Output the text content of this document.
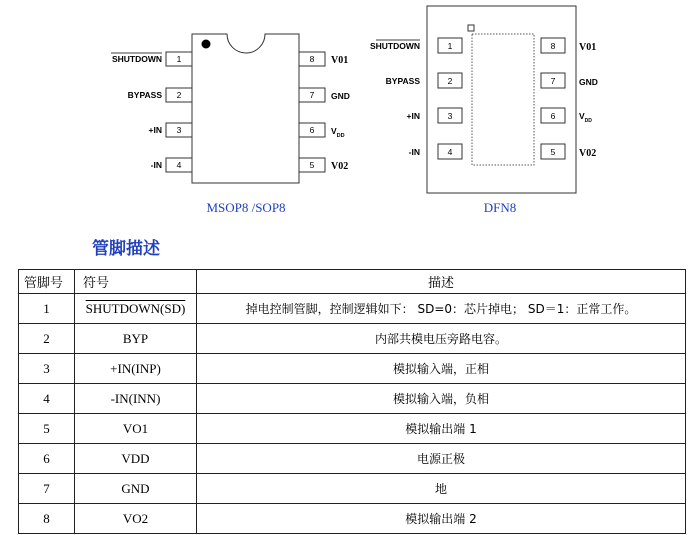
1
2
3
4
8
7
6
5
SHUTDOWN
BYPASS
+IN
-IN
V01
GND
$V_{DD}$
V02
MSOP8 /SOP8
1
2
3
4
8
7
6
5
SHUTDOWN
BYPASS
+IN
-IN
V01
GND
$V_{DD}$
V02
DFN8
管脚描述
管脚号	符号	描述
1	SHUTDOWN(SD)	掉电控制管脚，控制逻辑如下： SD=0：芯片掉电； SD＝1：正常工作。
2	BYP	内部共模电压旁路电容。
3	+IN(INP)	模拟输入端，正相
4	-IN(INN)	模拟输入端，负相
5	VO1	模拟输出端 1
6	VDD	电源正极
7	GND	地
8	VO2	模拟输出端 2
